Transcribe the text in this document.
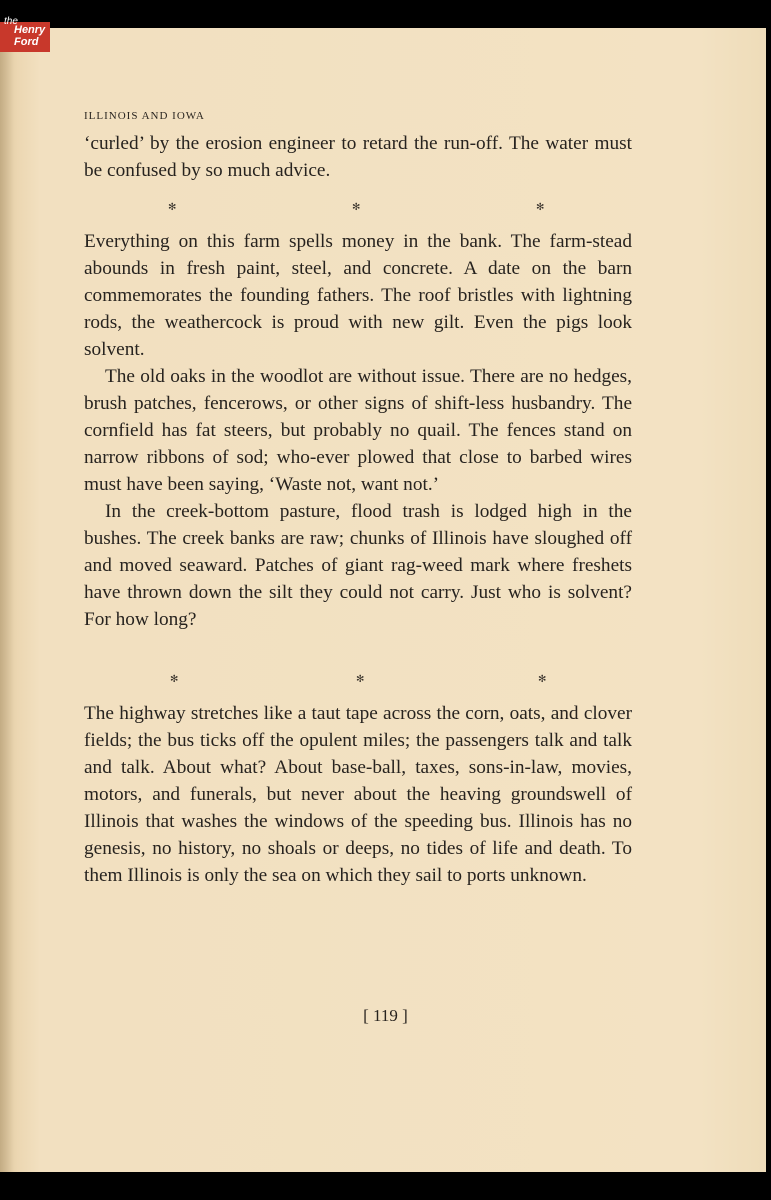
the
Henry
Ford
ILLINOIS AND IOWA

‘curled’ by the erosion engineer to retard the run-off. The water must be confused by so much advice.

✻	✻	✻

Everything on this farm spells money in the bank. The farm-stead abounds in fresh paint, steel, and concrete. A date on the barn commemorates the founding fathers. The roof bristles with lightning rods, the weathercock is proud with new gilt. Even the pigs look solvent.

The old oaks in the woodlot are without issue. There are no hedges, brush patches, fencerows, or other signs of shift-less husbandry. The cornfield has fat steers, but probably no quail. The fences stand on narrow ribbons of sod; who-ever plowed that close to barbed wires must have been saying, ‘Waste not, want not.’

In the creek-bottom pasture, flood trash is lodged high in the bushes. The creek banks are raw; chunks of Illinois have sloughed off and moved seaward. Patches of giant rag-weed mark where freshets have thrown down the silt they could not carry. Just who is solvent? For how long?

✻	✻	✻

The highway stretches like a taut tape across the corn, oats, and clover fields; the bus ticks off the opulent miles; the passengers talk and talk and talk. About what? About base-ball, taxes, sons-in-law, movies, motors, and funerals, but never about the heaving groundswell of Illinois that washes the windows of the speeding bus. Illinois has no genesis, no history, no shoals or deeps, no tides of life and death. To them Illinois is only the sea on which they sail to ports unknown.

[ 119 ]
